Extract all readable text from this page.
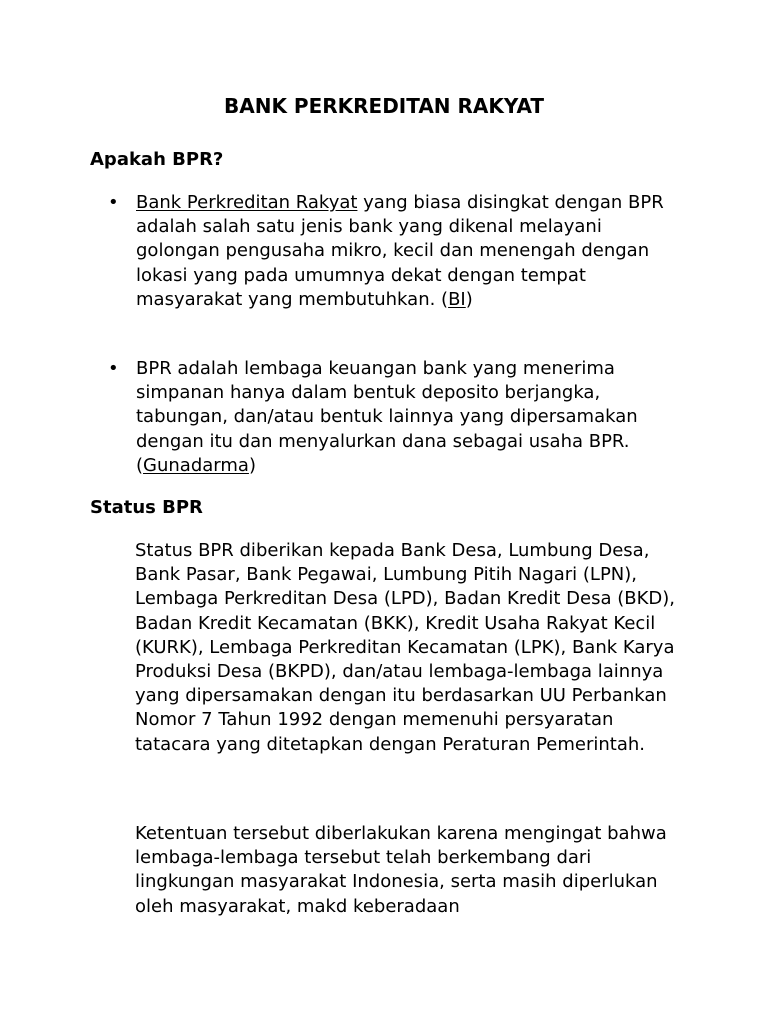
BANK PERKREDITAN RAKYAT
Apakah BPR?
• Bank Perkreditan Rakyat yang biasa disingkat dengan BPR adalah salah satu jenis bank yang dikenal melayani golongan pengusaha mikro, kecil dan menengah dengan lokasi yang pada umumnya dekat dengan tempat masyarakat yang membutuhkan. (BI)
• BPR adalah lembaga keuangan bank yang menerima simpanan hanya dalam bentuk deposito berjangka, tabungan, dan/atau bentuk lainnya yang dipersamakan dengan itu dan menyalurkan dana sebagai usaha BPR. (Gunadarma)
Status BPR

Status BPR diberikan kepada Bank Desa, Lumbung Desa, Bank Pasar, Bank Pegawai, Lumbung Pitih Nagari (LPN), Lembaga Perkreditan Desa (LPD), Badan Kredit Desa (BKD), Badan Kredit Kecamatan (BKK), Kredit Usaha Rakyat Kecil (KURK), Lembaga Perkreditan Kecamatan (LPK), Bank Karya Produksi Desa (BKPD), dan/atau lembaga-lembaga lainnya yang dipersamakan dengan itu berdasarkan UU Perbankan Nomor 7 Tahun 1992 dengan memenuhi persyaratan tatacara yang ditetapkan dengan Peraturan Pemerintah.

Ketentuan tersebut diberlakukan karena mengingat bahwa lembaga-lembaga tersebut telah berkembang dari lingkungan masyarakat Indonesia, serta masih diperlukan oleh masyarakat, makd keberadaan
